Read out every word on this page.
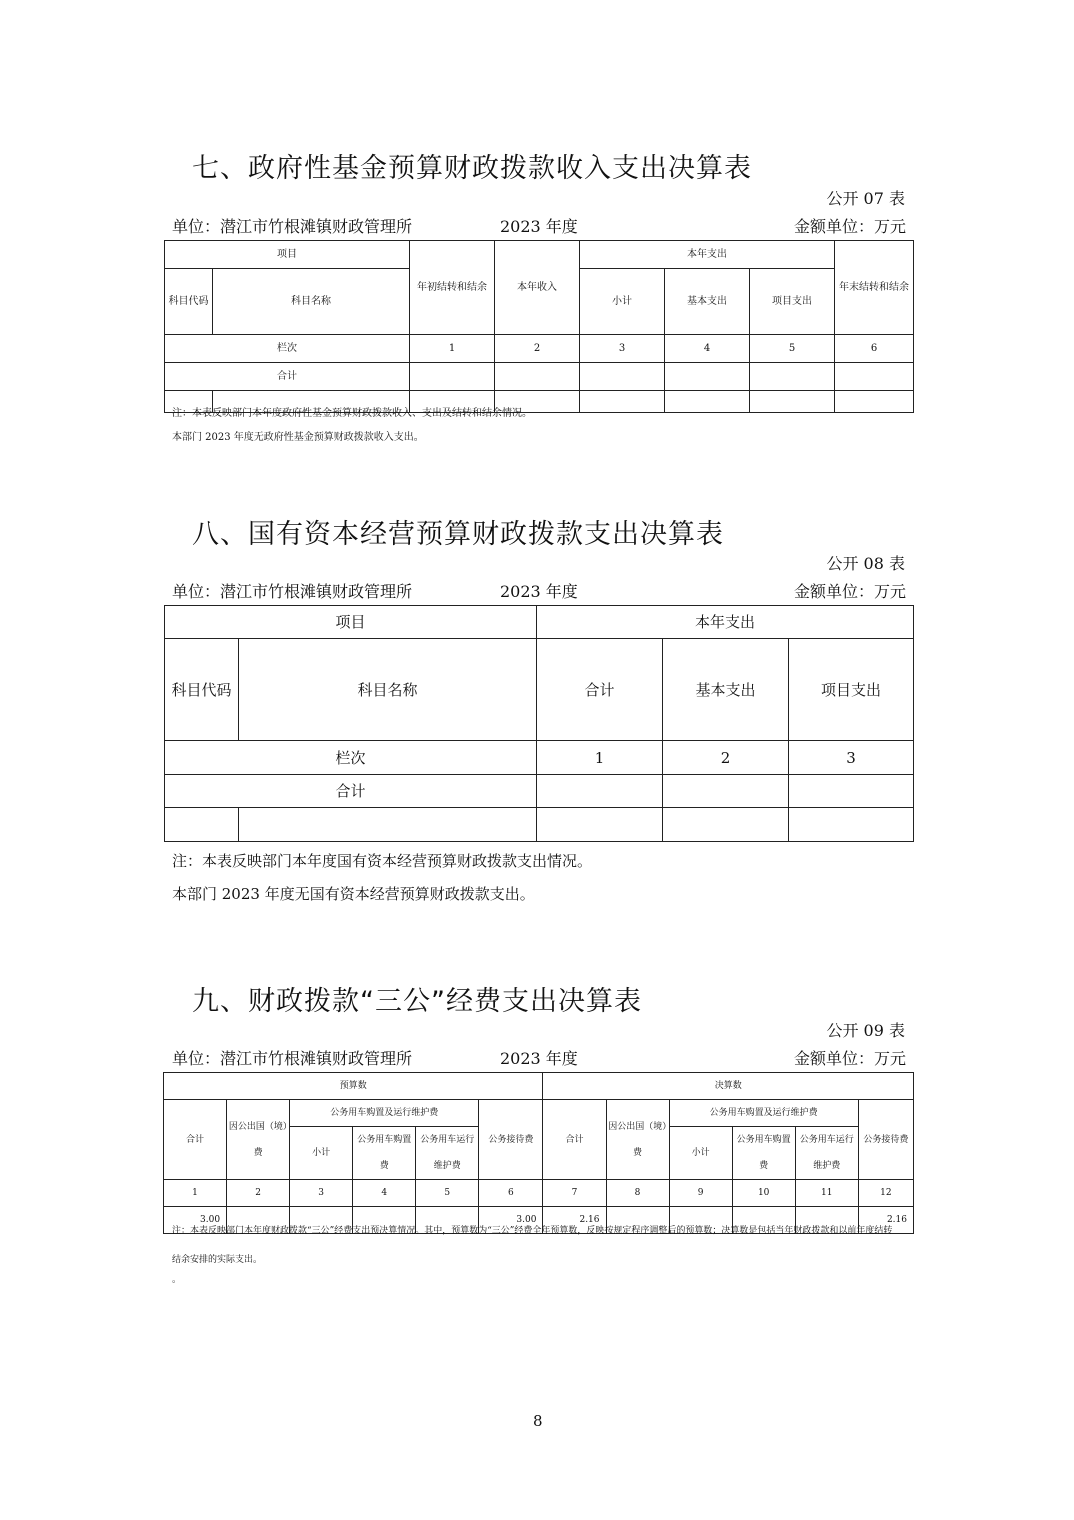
七、政府性基金预算财政拨款收入支出决算表
公开 07 表
单位：潜江市竹根滩镇财政管理所	2023 年度	金额单位：万元
项目		年初结转和结余	本年收入	本年支出			年末结转和结余
科目代码	科目名称			小计	基本支出	项目支出	
栏次		1	2	3	4	5	6
合计							

注：本表反映部门本年度政府性基金预算财政拨款收入、支出及结转和结余情况。
本部门 2023 年度无政府性基金预算财政拨款收入支出。
八、国有资本经营预算财政拨款支出决算表
公开 08 表
单位：潜江市竹根滩镇财政管理所	2023 年度	金额单位：万元
项目		本年支出		
科目代码	科目名称	合计	基本支出	项目支出
栏次		1	2	3
合计				

注：本表反映部门本年度国有资本经营预算财政拨款支出情况。
本部门 2023 年度无国有资本经营预算财政拨款支出。
九、财政拨款“三公”经费支出决算表
公开 09 表
单位：潜江市竹根滩镇财政管理所	2023 年度	金额单位：万元
预算数						决算数					
合计	因公出国（境）费	公务用车购置及运行维护费			公务接待费	合计	因公出国（境）费	公务用车购置及运行维护费			公务接待费
		小计	公务用车购置费	公务用车运行维护费				小计	公务用车购置费	公务用车运行维护费	
1	2	3	4	5	6	7	8	9	10	11	12
3.00					3.00	2.16					2.16
注：本表反映部门本年度财政拨款“三公”经费支出预决算情况。其中，预算数为“三公”经费全年预算数，反映按规定程序调整后的预算数；决算数是包括当年财政拨款和以前年度结转
结余安排的实际支出。
。
8
